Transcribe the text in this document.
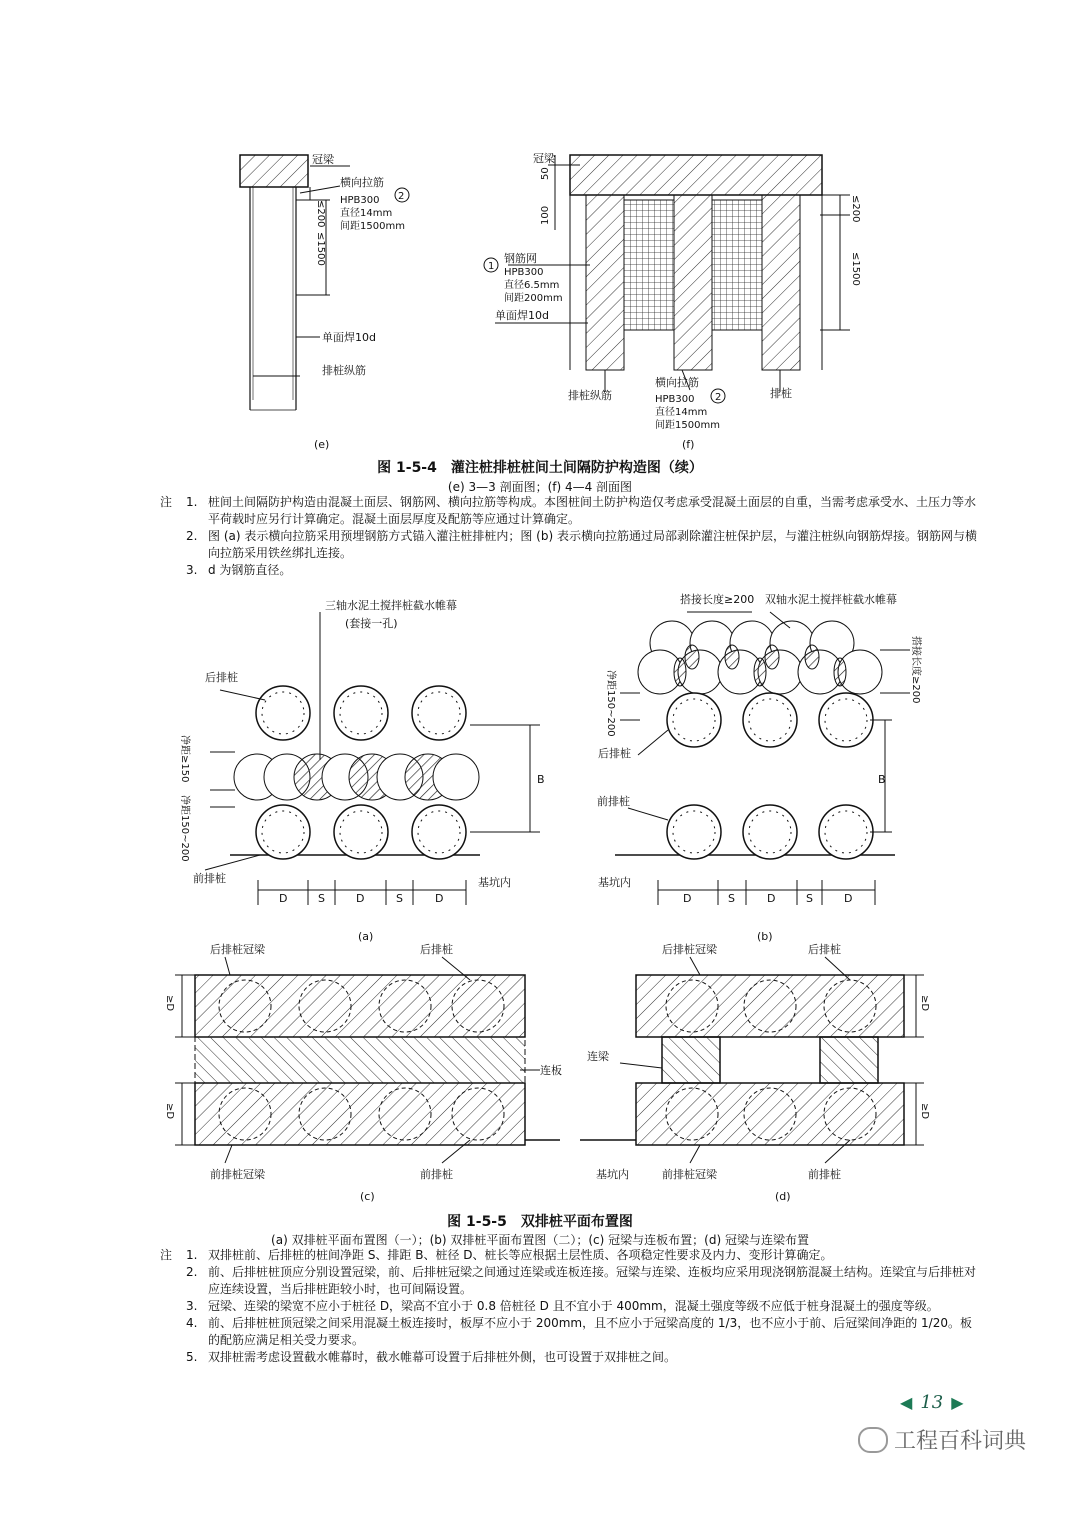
冠梁
横向拉筋
2
HPB300
直径14mm
间距1500mm
≤200
≤1500
单面焊10d
排桩纵筋
(e)
冠梁
50
100	≤200
≤1500
1
钢筋网
HPB300
直径6.5mm
间距200mm
单面焊10d
排桩纵筋
横向拉筋
2
HPB300
直径14mm
间距1500mm
排桩
(f)
三轴水泥土搅拌桩截水帷幕
(套接一孔)
后排桩
净距≥150
净距150~200
前排桩
B
基坑内
D	S	D	S	D
(a)
搭接长度≥200 双轴水泥土搅拌桩截水帷幕
搭接长度≥200
净距150~200
后排桩
前排桩
B
基坑内
D	S	D	S	D
(b)
后排桩冠梁	后排桩
连板
前排桩冠梁	前排桩
≥D
≥D
(c)
后排桩冠梁	后排桩
连梁
基坑内	前排桩冠梁	前排桩
≥D
≥D
(d)
图 1-5-4　灌注桩排桩桩间土间隔防护构造图（续）
(e) 3—3 剖面图；(f) 4—4 剖面图
注	1. 桩间土间隔防护构造由混凝土面层、钢筋网、横向拉筋等构成。本图桩间土防护构造仅考虑承受混凝土面层的自重，当需考虑承受水、土压力等水平荷载时应另行计算确定。混凝土面层厚度及配筋等应通过计算确定。
2. 图 (a) 表示横向拉筋采用预埋钢筋方式锚入灌注桩排桩内；图 (b) 表示横向拉筋通过局部剥除灌注桩保护层，与灌注桩纵向钢筋焊接。钢筋网与横向拉筋采用铁丝绑扎连接。
3. d 为钢筋直径。
图 1-5-5　双排桩平面布置图
(a) 双排桩平面布置图（一）；(b) 双排桩平面布置图（二）；(c) 冠梁与连板布置；(d) 冠梁与连梁布置
注	1. 双排桩前、后排桩的桩间净距 S、排距 B、桩径 D、桩长等应根据土层性质、各项稳定性要求及内力、变形计算确定。
2. 前、后排桩桩顶应分别设置冠梁，前、后排桩冠梁之间通过连梁或连板连接。冠梁与连梁、连板均应采用现浇钢筋混凝土结构。连梁宜与后排桩对应连续设置，当后排桩距较小时，也可间隔设置。
3. 冠梁、连梁的梁宽不应小于桩径 D，梁高不宜小于 0.8 倍桩径 D 且不宜小于 400mm，混凝土强度等级不应低于桩身混凝土的强度等级。
4. 前、后排桩桩顶冠梁之间采用混凝土板连接时，板厚不应小于 200mm，且不应小于冠梁高度的 1/3，也不应小于前、后冠梁间净距的 1/20。板的配筋应满足相关受力要求。
5. 双排桩需考虑设置截水帷幕时，截水帷幕可设置于后排桩外侧，也可设置于双排桩之间。
◀ 13 ▶
工程百科词典
